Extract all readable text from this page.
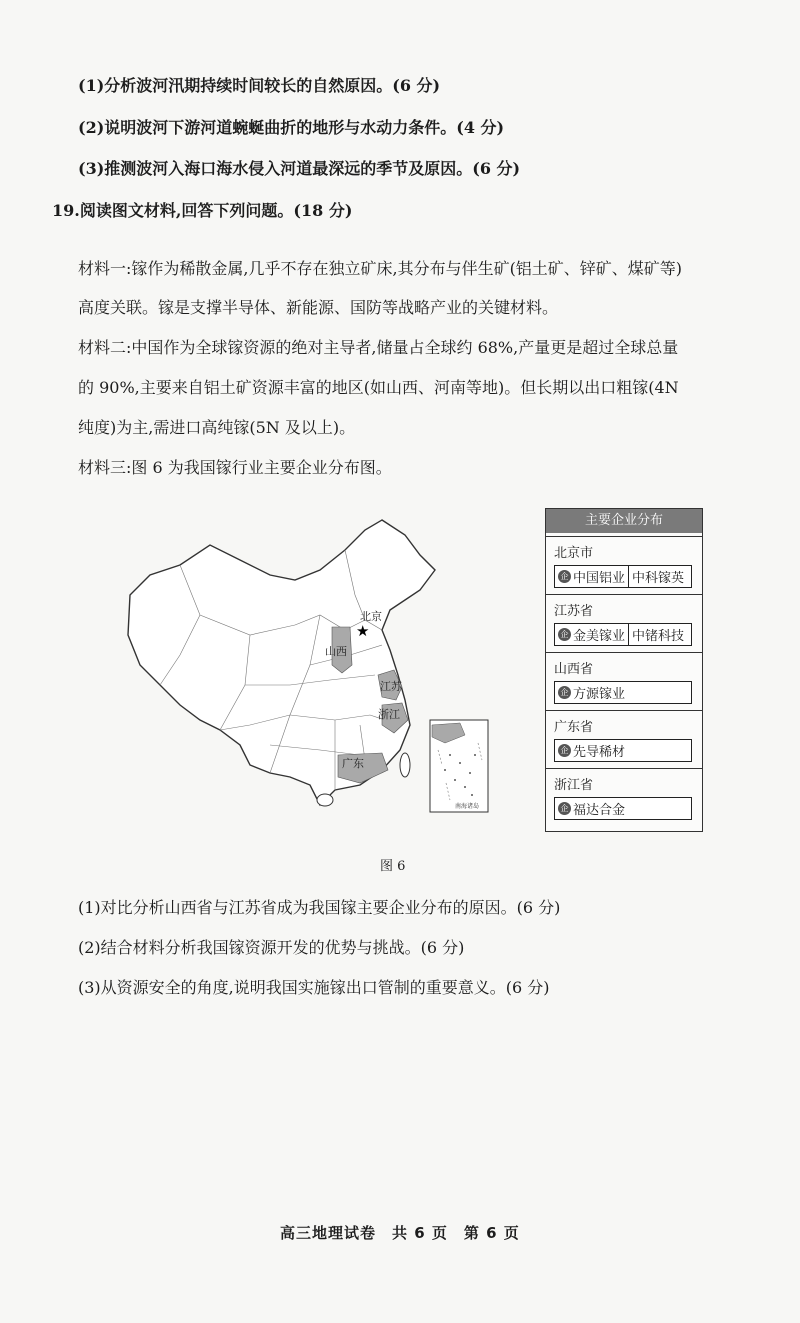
(1)分析波河汛期持续时间较长的自然原因。(6 分)
(2)说明波河下游河道蜿蜒曲折的地形与水动力条件。(4 分)
(3)推测波河入海口海水侵入河道最深远的季节及原因。(6 分)
19.阅读图文材料,回答下列问题。(18 分)
材料一:镓作为稀散金属,几乎不存在独立矿床,其分布与伴生矿(铝土矿、锌矿、煤矿等)
高度关联。镓是支撑半导体、新能源、国防等战略产业的关键材料。
材料二:中国作为全球镓资源的绝对主导者,储量占全球约 68%,产量更是超过全球总量
的 90%,主要来自铝土矿资源丰富的地区(如山西、河南等地)。但长期以出口粗镓(4N
纯度)为主,需进口高纯镓(5N 及以上)。
材料三:图 6 为我国镓行业主要企业分布图。
★
北京
山西
江苏
浙江
广东
南海诸岛
主要企业分布
北京市
企 中国铝业 中科镓英
江苏省
企 金美镓业 中锗科技
山西省
企 方源镓业
广东省
企 先导稀材
浙江省
企 福达合金
图 6
(1)对比分析山西省与江苏省成为我国镓主要企业分布的原因。(6 分)
(2)结合材料分析我国镓资源开发的优势与挑战。(6 分)
(3)从资源安全的角度,说明我国实施镓出口管制的重要意义。(6 分)
高三地理试卷　共 6 页　第 6 页
